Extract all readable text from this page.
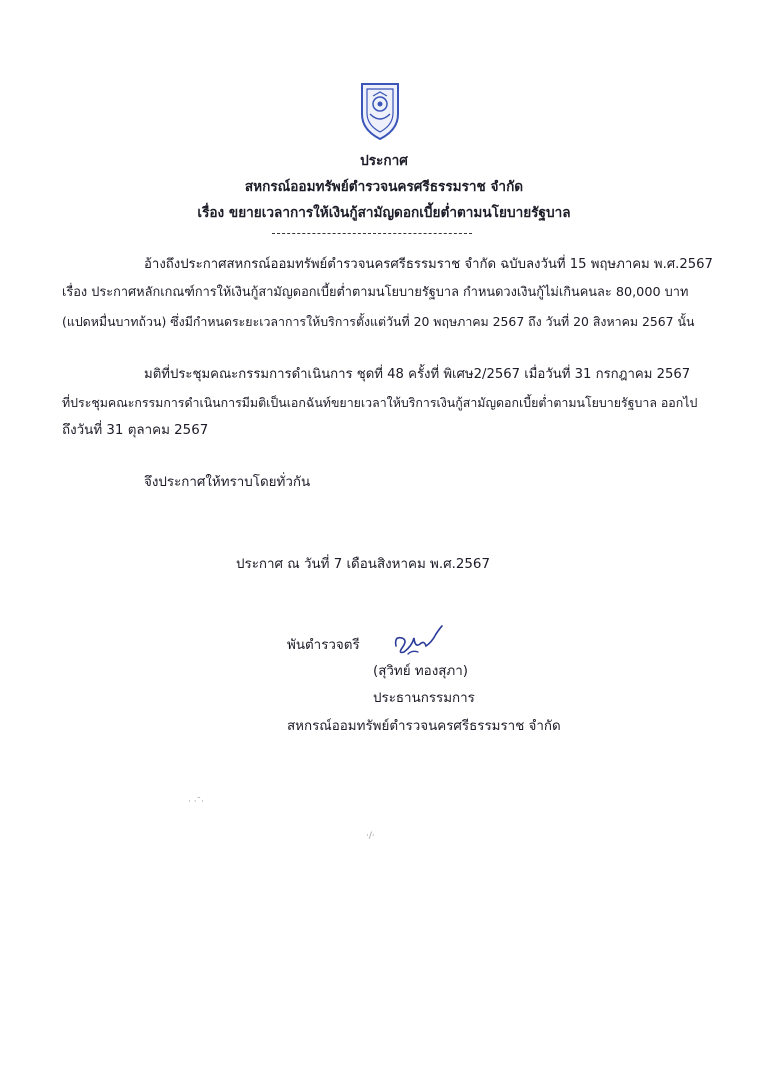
ประกาศ
สหกรณ์ออมทรัพย์ตำรวจนครศรีธรรมราช จำกัด
เรื่อง ขยายเวลาการให้เงินกู้สามัญดอกเบี้ยต่ำตามนโยบายรัฐบาล
อ้างถึงประกาศสหกรณ์ออมทรัพย์ตำรวจนครศรีธรรมราช จำกัด ฉบับลงวันที่ 15 พฤษภาคม พ.ศ.2567
เรื่อง ประกาศหลักเกณฑ์การให้เงินกู้สามัญดอกเบี้ยต่ำตามนโยบายรัฐบาล กำหนดวงเงินกู้ไม่เกินคนละ 80,000 บาท
(แปดหมื่นบาทถ้วน) ซึ่งมีกำหนดระยะเวลาการให้บริการตั้งแต่วันที่ 20 พฤษภาคม 2567 ถึง วันที่ 20 สิงหาคม 2567 นั้น
มติที่ประชุมคณะกรรมการดำเนินการ ชุดที่ 48 ครั้งที่ พิเศษ2/2567 เมื่อวันที่ 31 กรกฎาคม 2567
ที่ประชุมคณะกรรมการดำเนินการมีมติเป็นเอกฉันท์ขยายเวลาให้บริการเงินกู้สามัญดอกเบี้ยต่ำตามนโยบายรัฐบาล ออกไป
ถึงวันที่ 31 ตุลาคม 2567
จึงประกาศให้ทราบโดยทั่วกัน
ประกาศ ณ วันที่ 7 เดือนสิงหาคม พ.ศ.2567
พันตำรวจตรี
(สุวิทย์ ทองสุภา)
ประธานกรรมการ
สหกรณ์ออมทรัพย์ตำรวจนครศรีธรรมราช จำกัด
· ·˘·
·/·
